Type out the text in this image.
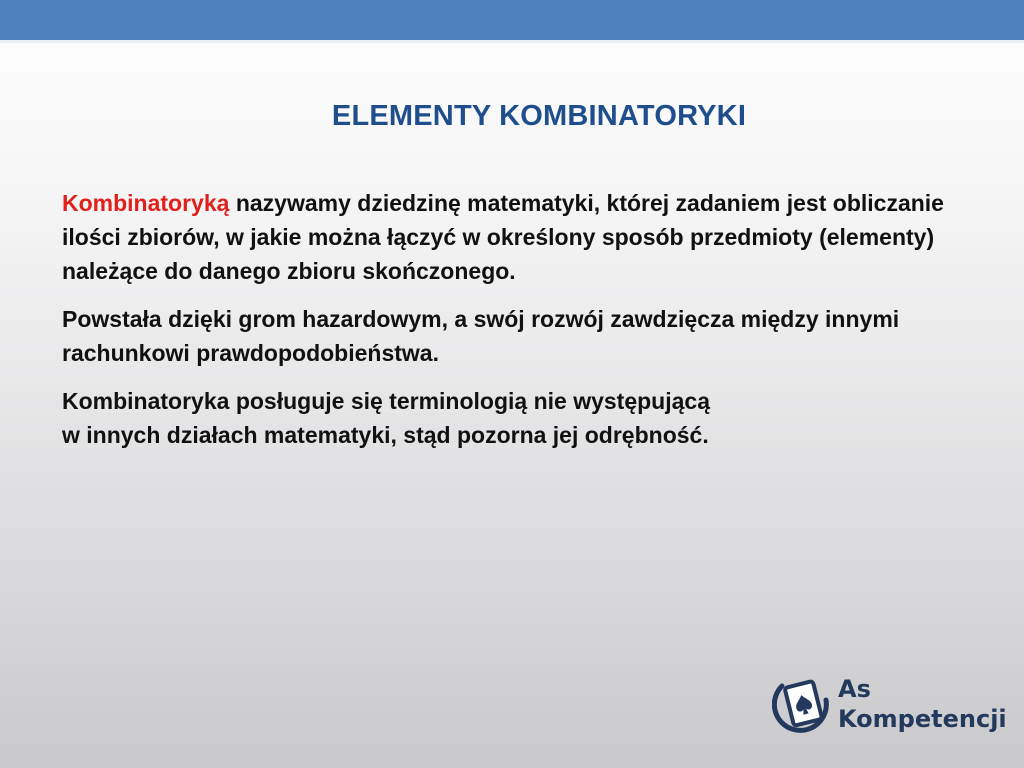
ELEMENTY KOMBINATORYKI

Kombinatoryką nazywamy dziedzinę matematyki, której zadaniem jest obliczanie ilości zbiorów, w jakie można łączyć w określony sposób przedmioty (elementy) należące do danego zbioru skończonego.

Powstała dzięki grom hazardowym, a swój rozwój zawdzięcza między innymi rachunkowi prawdopodobieństwa.

Kombinatoryka posługuje się terminologią nie występującą
w innych działach matematyki, stąd pozorna jej odrębność.

As
Kompetencji
